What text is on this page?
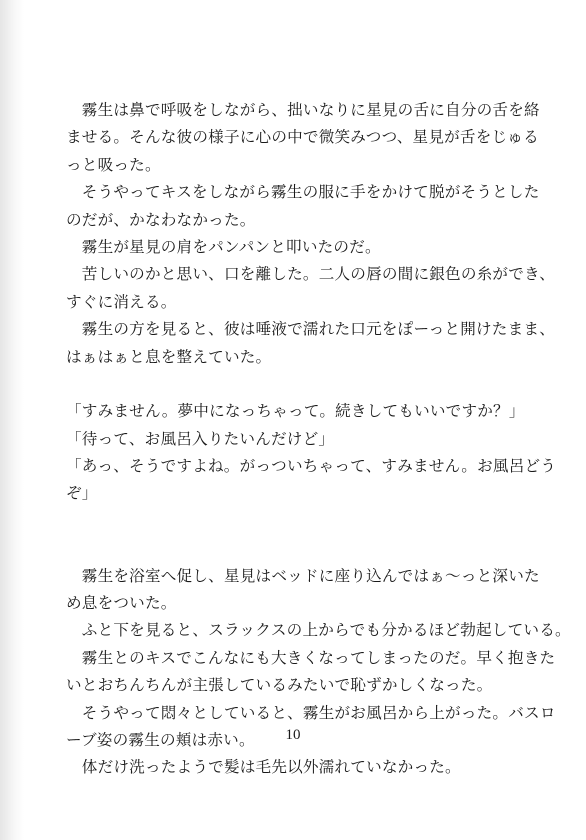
　霧生は鼻で呼吸をしながら、拙いなりに星見の舌に自分の舌を絡
ませる。そんな彼の様子に心の中で微笑みつつ、星見が舌をじゅる
っと吸った。
　そうやってキスをしながら霧生の服に手をかけて脱がそうとした
のだが、かなわなかった。
　霧生が星見の肩をパンパンと叩いたのだ。
　苦しいのかと思い、口を離した。二人の唇の間に銀色の糸ができ、
すぐに消える。
　霧生の方を見ると、彼は唾液で濡れた口元をぽーっと開けたまま、
はぁはぁと息を整えていた。
「すみません。夢中になっちゃって。続きしてもいいですか？」
「待って、お風呂入りたいんだけど」
「あっ、そうですよね。がっついちゃって、すみません。お風呂どう
ぞ」
　霧生を浴室へ促し、星見はベッドに座り込んではぁ～っと深いた
め息をついた。
　ふと下を見ると、スラックスの上からでも分かるほど勃起している。
　霧生とのキスでこんなにも大きくなってしまったのだ。早く抱きた
いとおちんちんが主張しているみたいで恥ずかしくなった。
　そうやって悶々としていると、霧生がお風呂から上がった。バスロ
ーブ姿の霧生の頬は赤い。
　体だけ洗ったようで髪は毛先以外濡れていなかった。
10
